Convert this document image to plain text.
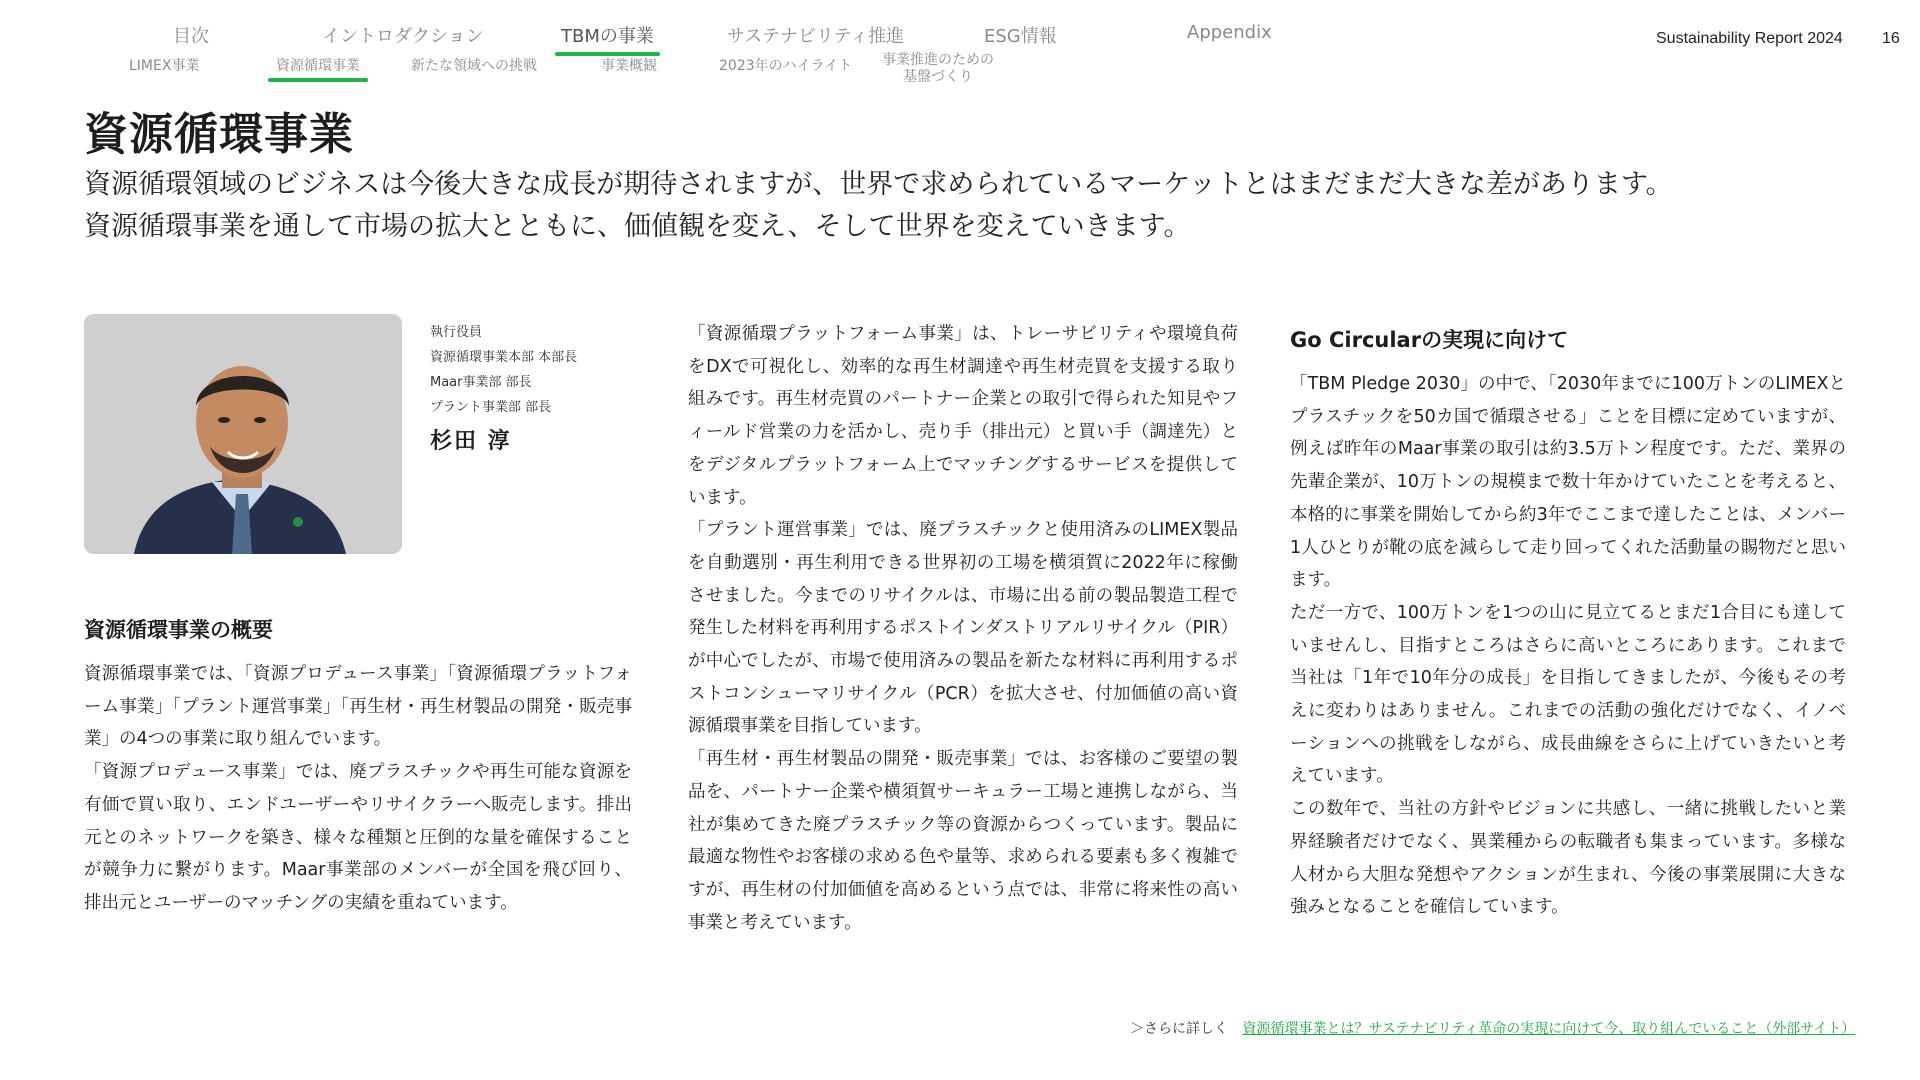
目次	イントロダクション	TBMの事業	サステナビリティ推進	ESG情報	Appendix
LIMEX事業	資源循環事業	新たな領域への挑戦	事業概観	2023年のハイライト 事業推進のための
基盤づくり
Sustainability Report 2024 16
資源循環事業
資源循環領域のビジネスは今後大きな成長が期待されますが、世界で求められているマーケットとはまだまだ大きな差があります。
資源循環事業を通して市場の拡大とともに、価値観を変え、そして世界を変えていきます。
執行役員
資源循環事業本部 本部長
Maar事業部 部長
プラント事業部 部長
杉田 淳
資源循環事業の概要

資源循環事業では、「資源プロデュース事業」「資源循環プラットフォーム事業」「プラント運営事業」「再生材・再生材製品の開発・販売事業」の4つの事業に取り組んでいます。

「資源プロデュース事業」では、廃プラスチックや再生可能な資源を有価で買い取り、エンドユーザーやリサイクラーへ販売します。排出元とのネットワークを築き、様々な種類と圧倒的な量を確保することが競争力に繋がります。Maar事業部のメンバーが全国を飛び回り、排出元とユーザーのマッチングの実績を重ねています。

「資源循環プラットフォーム事業」は、トレーサビリティや環境負荷をDXで可視化し、効率的な再生材調達や再生材売買を支援する取り組みです。再生材売買のパートナー企業との取引で得られた知見やフィールド営業の力を活かし、売り手（排出元）と買い手（調達先）とをデジタルプラットフォーム上でマッチングするサービスを提供しています。

「プラント運営事業」では、廃プラスチックと使用済みのLIMEX製品を自動選別・再生利用できる世界初の工場を横須賀に2022年に稼働させました。今までのリサイクルは、市場に出る前の製品製造工程で発生した材料を再利用するポストインダストリアルリサイクル（PIR）が中心でしたが、市場で使用済みの製品を新たな材料に再利用するポストコンシューマリサイクル（PCR）を拡大させ、付加価値の高い資源循環事業を目指しています。

「再生材・再生材製品の開発・販売事業」では、お客様のご要望の製品を、パートナー企業や横須賀サーキュラー工場と連携しながら、当社が集めてきた廃プラスチック等の資源からつくっています。製品に最適な物性やお客様の求める色や量等、求められる要素も多く複雑ですが、再生材の付加価値を高めるという点では、非常に将来性の高い事業と考えています。

Go Circularの実現に向けて

「TBM Pledge 2030」の中で、「2030年までに100万トンのLIMEXとプラスチックを50カ国で循環させる」ことを目標に定めていますが、例えば昨年のMaar事業の取引は約3.5万トン程度です。ただ、業界の先輩企業が、10万トンの規模まで数十年かけていたことを考えると、本格的に事業を開始してから約3年でここまで達したことは、メンバー1人ひとりが靴の底を減らして走り回ってくれた活動量の賜物だと思います。

ただ一方で、100万トンを1つの山に見立てるとまだ1合目にも達していませんし、目指すところはさらに高いところにあります。これまで当社は「1年で10年分の成長」を目指してきましたが、今後もその考えに変わりはありません。これまでの活動の強化だけでなく、イノベーションへの挑戦をしながら、成長曲線をさらに上げていきたいと考えています。

この数年で、当社の方針やビジョンに共感し、一緒に挑戦したいと業界経験者だけでなく、異業種からの転職者も集まっています。多様な人材から大胆な発想やアクションが生まれ、今後の事業展開に大きな強みとなることを確信しています。

＞さらに詳しく 資源循環事業とは？サステナビリティ革命の実現に向けて今、取り組んでいること（外部サイト）
